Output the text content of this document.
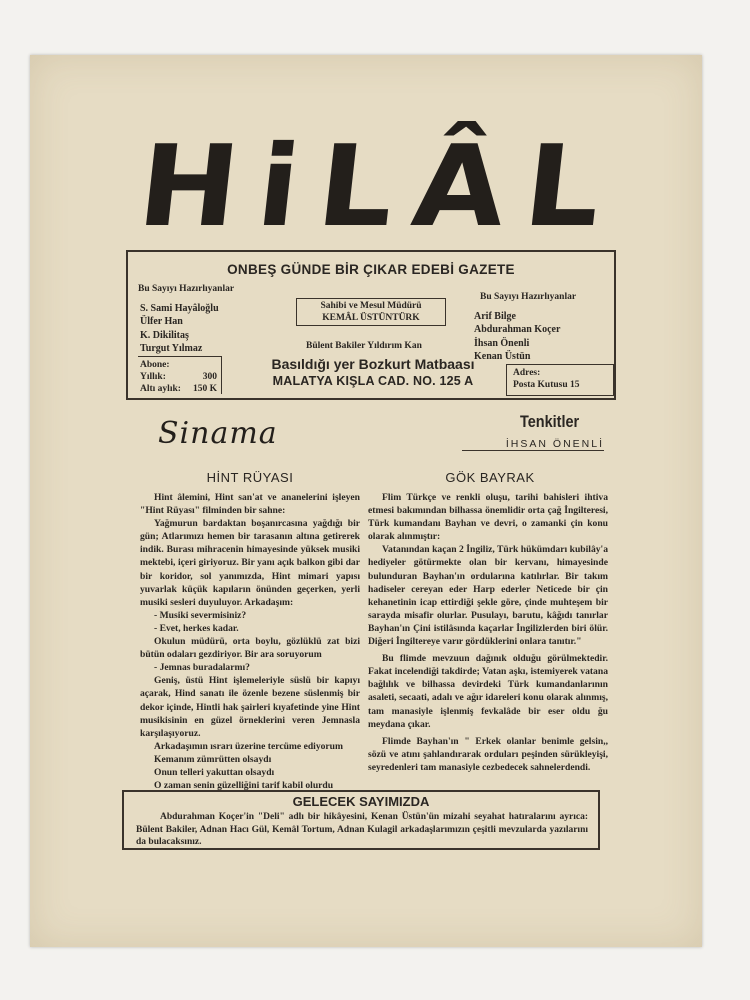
HiLÂL
ONBEŞ GÜNDE BİR ÇIKAR EDEBİ GAZETE
Bu Sayıyı Hazırlıyanlar
S. Sami Hayâloğlu
Ülfer Han
K. Dikilitaş
Turgut Yılmaz
Sahibi ve Mesul Müdürü
KEMÂL ÜSTÜNTÜRK
Bülent Bakiler Yıldırım Kan
Bu Sayıyı Hazırlıyanlar
Arif Bilge
Abdurahman Koçer
İhsan Önenli
Kenan Üstün
Abone:
Yıllık:	300
Altı aylık: 150 K
Basıldığı yer Bozkurt Matbaası
MALATYA KIŞLA CAD. NO. 125 A
Adres:
Posta Kutusu 15
Sinama	Tenkitler
İHSAN ÖNENLİ
HİNT RÜYASI	GÖK BAYRAK

Hint âlemini, Hint san'at ve ananelerini işleyen "Hint Rüyası" filminden bir sahne:

Yağmurun bardaktan boşanırcasına yağdığı bir gün; Atlarımızı hemen bir tarasanın altına getirerek indik. Burası mihracenin himayesinde yüksek musiki mektebi, içeri giriyoruz. Bir yanı açık balkon gibi dar bir koridor, sol yanımızda, Hint mimari yapısı yuvarlak küçük kapıların önünden geçerken, yerli musiki sesleri duyuluyor. Arkadaşım:

- Musiki severmisiniz?

- Evet, herkes kadar.

Okulun müdürü, orta boylu, gözlüklü zat bizi bütün odaları gezdiriyor. Bir ara soruyorum

- Jemnas buradalarmı?

Geniş, üstü Hint işlemeleriyle süslü bir kapıyı açarak, Hind sanatı ile özenle bezene süslenmiş bir dekor içinde, Hintli hak şairleri kıyafetinde yine Hint musikisinin en güzel örneklerini veren Jemnasla karşılaşıyoruz.

Arkadaşımın ısrarı üzerine tercüme ediyorum

Kemanım zümrütten olsaydı

Onun telleri yakuttan olsaydı

O zaman senin güzelliğini tarif kabil olurdu

Flim Türkçe ve renkli oluşu, tarihi bahisleri ihtiva etmesi bakımından bilhassa önemlidir orta çağ İngilteresi, Türk kumandanı Bayhan ve devri, o zamanki çin konu olarak alınmıştır:

Vatanından kaçan 2 İngiliz, Türk hükümdarı kubilây'a hediyeler götürmekte olan bir kervanı, himayesinde bulunduran Bayhan'ın ordularına katılırlar. Bir takım hadiseler cereyan eder Harp ederler Neticede bir çin kehanetinin icap ettirdiği şekle göre, çinde muhteşem bir sarayda misafir olurlar. Pusulayı, barutu, kâğıdı tanırlar Bayhan'ın Çini istilâsında kaçarlar İngilizlerden biri ölür. Diğeri İngiltereye varır gördüklerini onlara tanıtır."

Bu flimde mevzuun dağınık olduğu görülmektedir. Fakat incelendiği takdirde; Vatan aşkı, istemiyerek vatana bağlılık ve bilhassa devirdeki Türk kumandanlarının asaleti, secaati, adalı ve ağır idareleri konu olarak alınmış, tam manasiyle işlenmiş fevkalâde bir eser oldu ğu meydana çıkar.

Flimde Bayhan'ın " Erkek olanlar benimle gelsin,, sözü ve atını şahlandırarak orduları peşinden sürükleyişi, seyredenleri tam manasiyle cezbedecek sahnelerdendi.

GELECEK SAYIMIZDA
Abdurahman Koçer'in "Deli" adlı bir hikâyesini, Kenan Üstün'ün mizahi seyahat hatıralarını ayrıca: Bülent Bakiler, Adnan Hacı Gül, Kemâl Tortum, Adnan Kulagil arkadaşlarımızın çeşitli mevzularda yazılarını da bulacaksınız.
